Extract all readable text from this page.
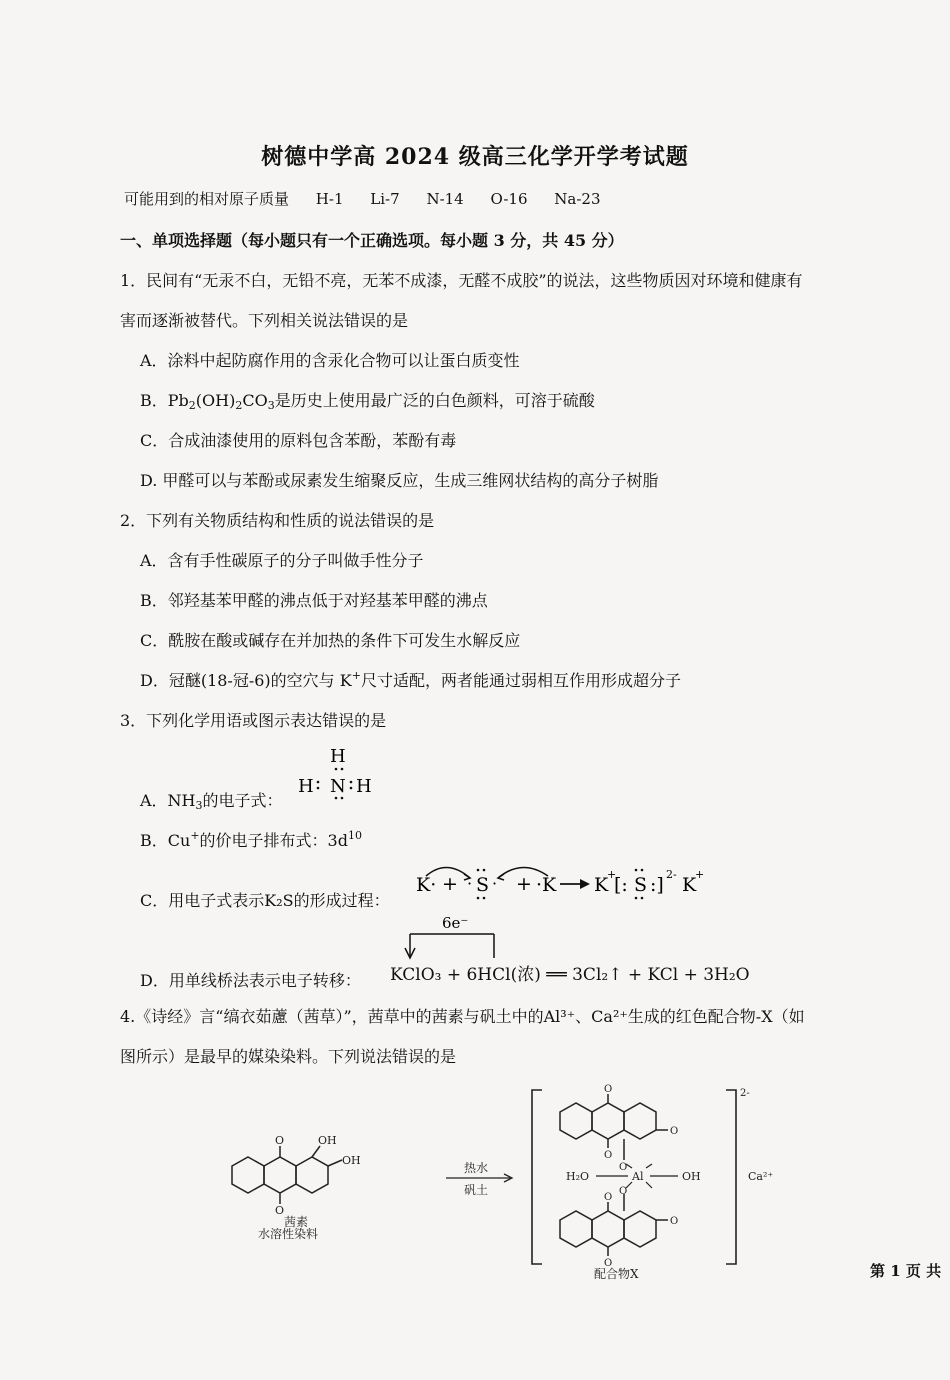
树德中学高 2024 级高三化学开学考试题
可能用到的相对原子质量 H-1 Li-7 N-14 O-16 Na-23
一、单项选择题（每小题只有一个正确选项。每小题 3 分，共 45 分）
1．民间有“无汞不白，无铅不亮，无苯不成漆，无醛不成胶”的说法，这些物质因对环境和健康有
害而逐渐被替代。下列相关说法错误的是
A．涂料中起防腐作用的含汞化合物可以让蛋白质变性
B．$Pb_2(OH)_2CO_3$是历史上使用最广泛的白色颜料，可溶于硫酸
C．合成油漆使用的原料包含苯酚，苯酚有毒
D. 甲醛可以与苯酚或尿素发生缩聚反应，生成三维网状结构的高分子树脂
2．下列有关物质结构和性质的说法错误的是
A．含有手性碳原子的分子叫做手性分子
B．邻羟基苯甲醛的沸点低于对羟基苯甲醛的沸点
C．酰胺在酸或碱存在并加热的条件下可发生水解反应
D．冠醚(18-冠-6)的空穴与 K+尺寸适配，两者能通过弱相互作用形成超分子
3．下列化学用语或图示表达错误的是
A．$NH_3$的电子式：
H
H N H
B．Cu+的价电子排布式：$3d^{10}$
C．用电子式表示K₂S的形成过程：
K· + S
· · + ·K K
+
[: S :] 2- K
+
D．用单线桥法表示电子转移：
6e⁻
KClO₃ + 6HCl(浓) ══ 3Cl₂↑ + KCl + 3H₂O
4.《诗经》言“缟衣茹藘（茜草）”，茜草中的茜素与矾土中的Al³⁺、Ca²⁺生成的红色配合物-X（如
图所示）是最早的媒染染料。下列说法错误的是
O
O
OH
OH
茜素
水溶性染料
热水
矾土
2-
Ca²⁺
O
O
O
O
Al
H₂O	OH
O
O
O
O
配合物X	第 1 页 共
